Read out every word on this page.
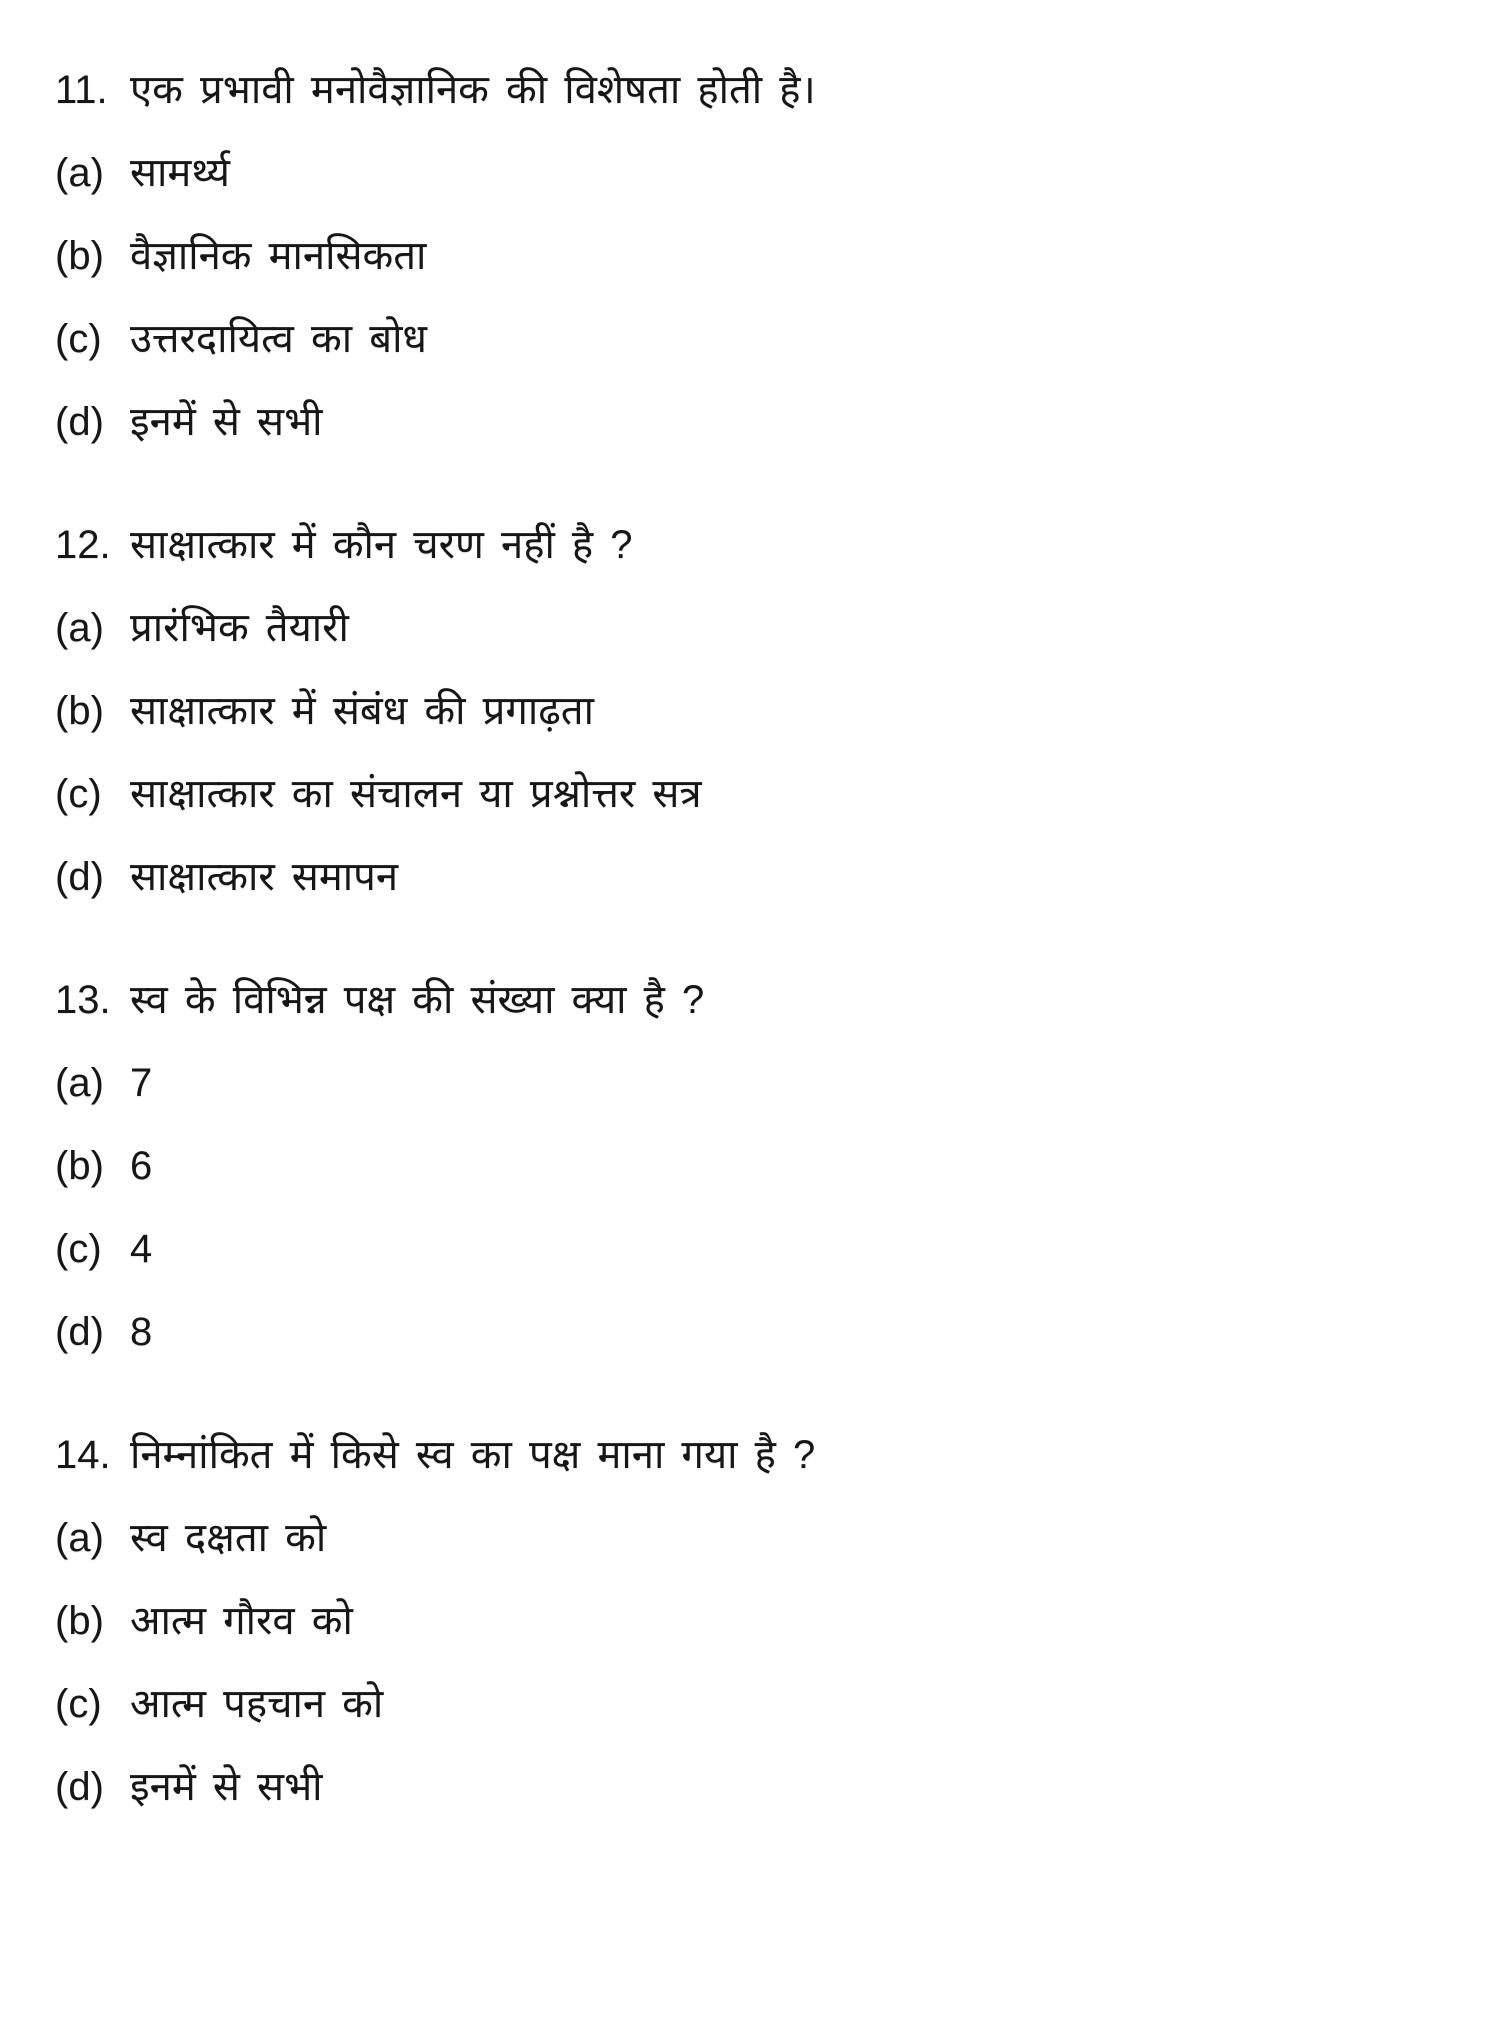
11. एक प्रभावी मनोवैज्ञानिक की विशेषता होती है।
(a) सामर्थ्य
(b) वैज्ञानिक मानसिकता
(c) उत्तरदायित्व का बोध
(d) इनमें से सभी
12. साक्षात्कार में कौन चरण नहीं है ?
(a) प्रारंभिक तैयारी
(b) साक्षात्कार में संबंध की प्रगाढ़ता
(c) साक्षात्कार का संचालन या प्रश्नोत्तर सत्र
(d) साक्षात्कार समापन
13. स्व के विभिन्न पक्ष की संख्या क्या है ?
(a) 7
(b) 6
(c) 4
(d) 8
14. निम्नांकित में किसे स्व का पक्ष माना गया है ?
(a) स्व दक्षता को
(b) आत्म गौरव को
(c) आत्म पहचान को
(d) इनमें से सभी
